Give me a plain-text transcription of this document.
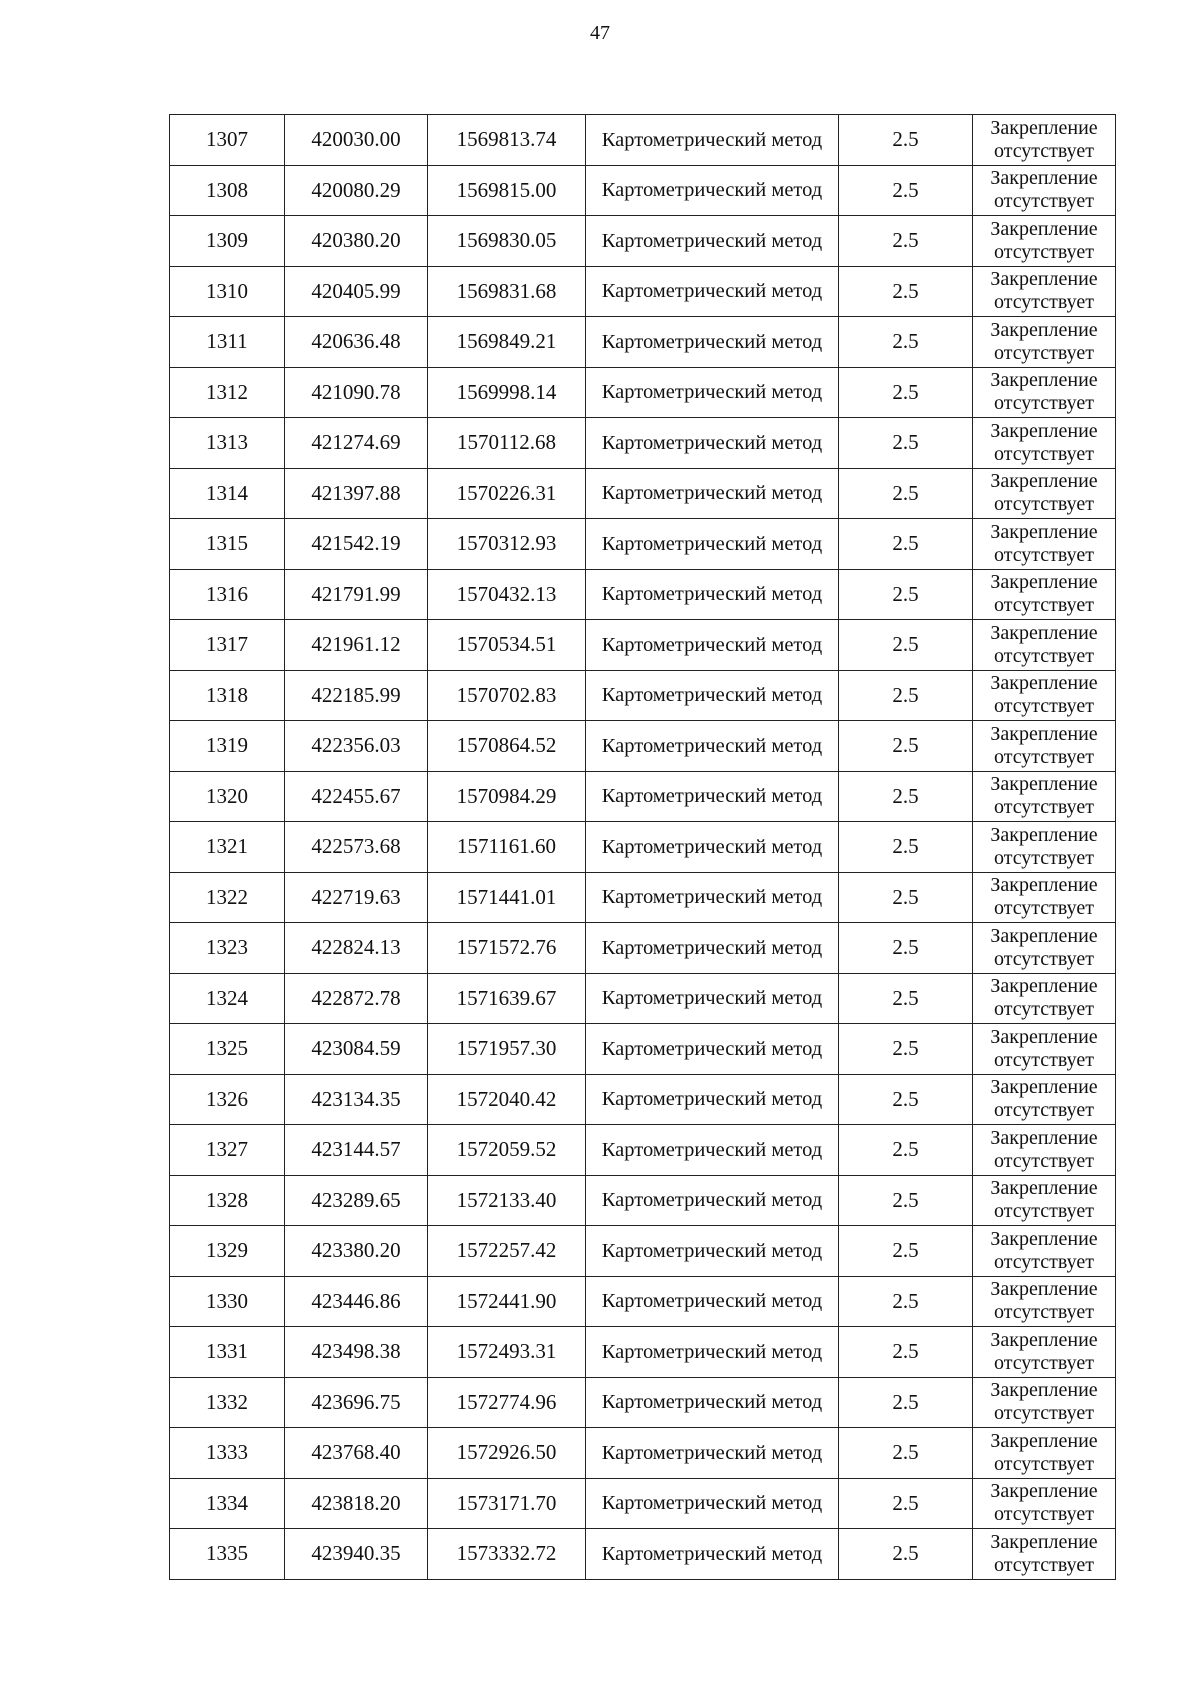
47
1307	420030.00	1569813.74	Картометрический метод	2.5	Закрепление
отсутствует

1308	420080.29	1569815.00	Картометрический метод	2.5	Закрепление
отсутствует

1309	420380.20	1569830.05	Картометрический метод	2.5	Закрепление
отсутствует

1310	420405.99	1569831.68	Картометрический метод	2.5	Закрепление
отсутствует

1311	420636.48	1569849.21	Картометрический метод	2.5	Закрепление
отсутствует

1312	421090.78	1569998.14	Картометрический метод	2.5	Закрепление
отсутствует

1313	421274.69	1570112.68	Картометрический метод	2.5	Закрепление
отсутствует

1314	421397.88	1570226.31	Картометрический метод	2.5	Закрепление
отсутствует

1315	421542.19	1570312.93	Картометрический метод	2.5	Закрепление
отсутствует

1316	421791.99	1570432.13	Картометрический метод	2.5	Закрепление
отсутствует

1317	421961.12	1570534.51	Картометрический метод	2.5	Закрепление
отсутствует

1318	422185.99	1570702.83	Картометрический метод	2.5	Закрепление
отсутствует

1319	422356.03	1570864.52	Картометрический метод	2.5	Закрепление
отсутствует

1320	422455.67	1570984.29	Картометрический метод	2.5	Закрепление
отсутствует

1321	422573.68	1571161.60	Картометрический метод	2.5	Закрепление
отсутствует

1322	422719.63	1571441.01	Картометрический метод	2.5	Закрепление
отсутствует

1323	422824.13	1571572.76	Картометрический метод	2.5	Закрепление
отсутствует

1324	422872.78	1571639.67	Картометрический метод	2.5	Закрепление
отсутствует

1325	423084.59	1571957.30	Картометрический метод	2.5	Закрепление
отсутствует

1326	423134.35	1572040.42	Картометрический метод	2.5	Закрепление
отсутствует

1327	423144.57	1572059.52	Картометрический метод	2.5	Закрепление
отсутствует

1328	423289.65	1572133.40	Картометрический метод	2.5	Закрепление
отсутствует

1329	423380.20	1572257.42	Картометрический метод	2.5	Закрепление
отсутствует

1330	423446.86	1572441.90	Картометрический метод	2.5	Закрепление
отсутствует

1331	423498.38	1572493.31	Картометрический метод	2.5	Закрепление
отсутствует

1332	423696.75	1572774.96	Картометрический метод	2.5	Закрепление
отсутствует

1333	423768.40	1572926.50	Картометрический метод	2.5	Закрепление
отсутствует

1334	423818.20	1573171.70	Картометрический метод	2.5	Закрепление
отсутствует

1335	423940.35	1573332.72	Картометрический метод	2.5	Закрепление
отсутствует
